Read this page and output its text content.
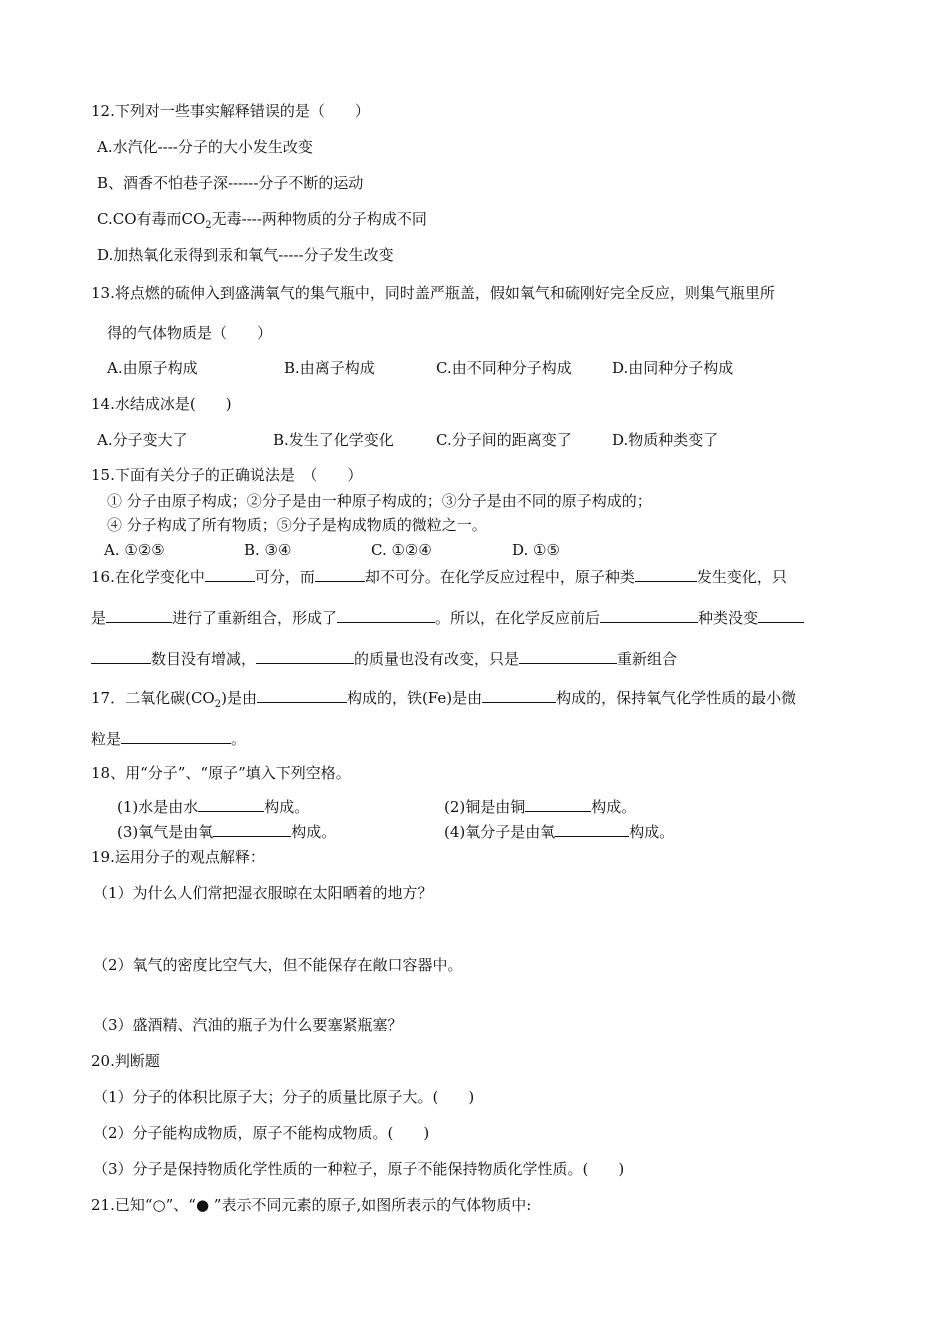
12.下列对一些事实解释错误的是（　　）
A.水汽化----分子的大小发生改变
B、酒香不怕巷子深------分子不断的运动
C.CO有毒而$CO_2$无毒----两种物质的分子构成不同
D.加热氧化汞得到汞和氧气-----分子发生改变
13.将点燃的硫伸入到盛满氧气的集气瓶中，同时盖严瓶盖，假如氧气和硫刚好完全反应，则集气瓶里所
得的气体物质是（　　）

A.由原子构成

	B.由离子构成

	C.由不同种分子构成

	D.由同种分子构成

14.水结成冰是(　　)

A.分子变大了

	B.发生了化学变化

	C.分子间的距离变了

	D.物质种类变了

15.下面有关分子的正确说法是　（　　）
① 分子由原子构成；②分子是由一种原子构成的；③分子是由不同的原子构成的；
④ 分子构成了所有物质；⑤分子是构成物质的微粒之一。

A. ①②⑤

	B. ③④

	C. ①②④

	D. ①⑤

16.在化学变化中	可分，而	却不可分。在化学反应过程中，原子种类	发生变化，只
是	进行了重新组合，形成了	。所以，在化学反应前后	种类没变
数目没有增减，	的质量也没有改变，只是	重新组合
17．二氧化碳$(CO_2)$是由	构成的，铁(Fe)是由	构成的，保持氧气化学性质的最小微
粒是	。
18、用“分子”、“原子”填入下列空格。

(1)水是由水	构成。

	(2)铜是由铜	构成。

(3)氧气是由氧	构成。

	(4)氧分子是由氧	构成。

19.运用分子的观点解释：
（1）为什么人们常把湿衣服晾在太阳晒着的地方？
（2）氧气的密度比空气大，但不能保存在敞口容器中。
（3）盛酒精、汽油的瓶子为什么要塞紧瓶塞？
20.判断题
（1）分子的体积比原子大；分子的质量比原子大。(　　)
（2）分子能构成物质，原子不能构成物质。(　　)
（3）分子是保持物质化学性质的一种粒子，原子不能保持物质化学性质。(　　)
21.已知“○”、“● ”表示不同元素的原子,如图所表示的气体物质中:
